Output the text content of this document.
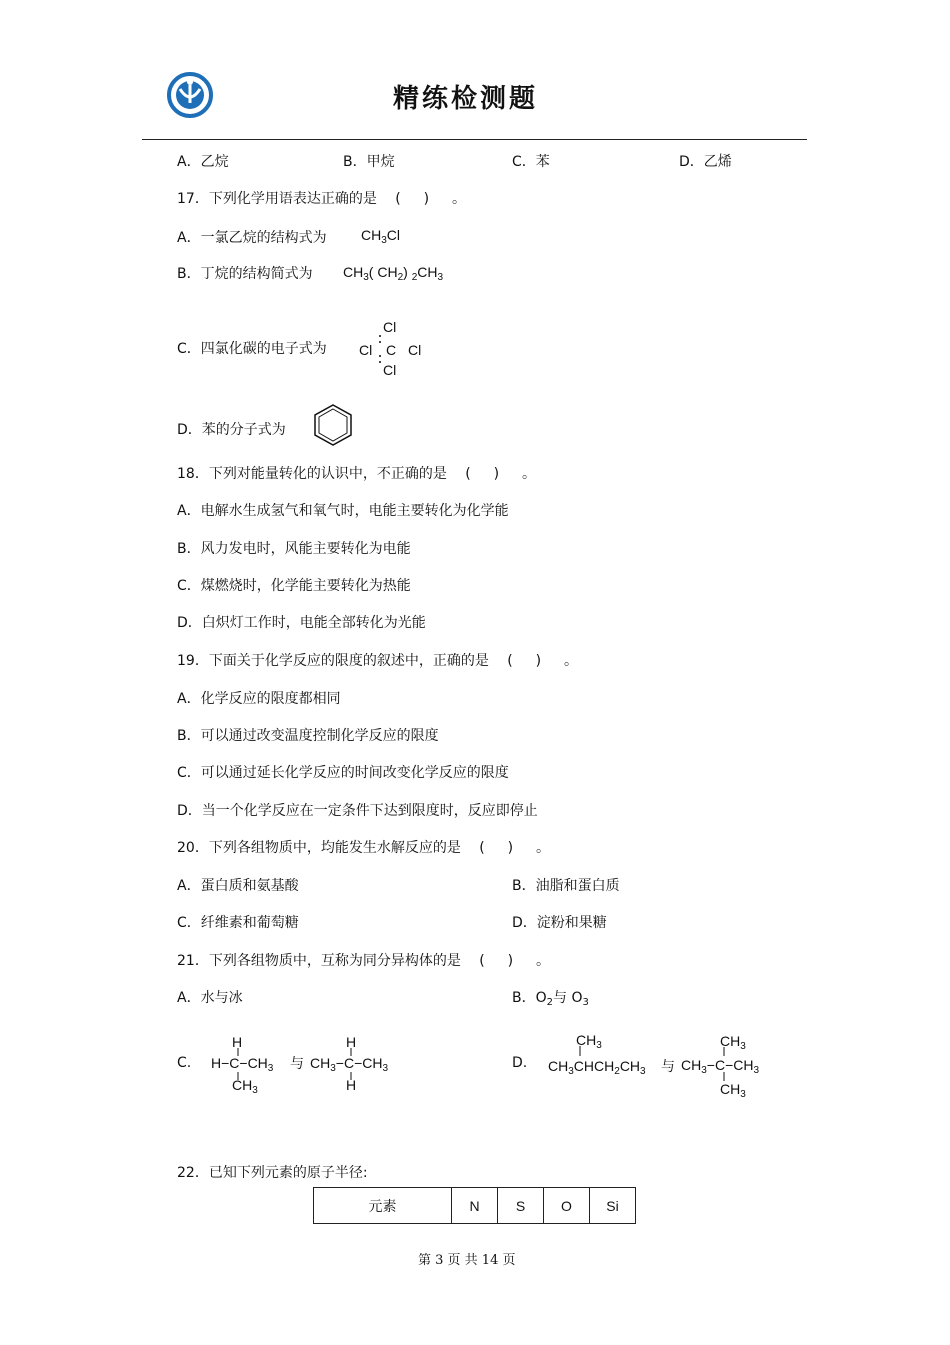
精练检测题
A．乙烷	B．甲烷	C．苯	D．乙烯
17．下列化学用语表达正确的是　 ( 　 ) 　 。
A．一氯乙烷的结构式为 $CH_3Cl$
B．丁烷的结构简式为 $CH_3$( $CH_2$) $_2CH_3$
C．四氯化碳的电子式为
Cl
Cl C Cl
Cl
D．苯的分子式为
18．下列对能量转化的认识中，不正确的是　 ( 　 ) 　 。
A．电解水生成氢气和氧气时，电能主要转化为化学能
B．风力发电时，风能主要转化为电能
C．煤燃烧时，化学能主要转化为热能
D．白炽灯工作时，电能全部转化为光能
19．下面关于化学反应的限度的叙述中，正确的是　 ( 　 ) 　 。
A．化学反应的限度都相同
B．可以通过改变温度控制化学反应的限度
C．可以通过延长化学反应的时间改变化学反应的限度
D．当一个化学反应在一定条件下达到限度时，反应即停止
20．下列各组物质中，均能发生水解反应的是　 ( 　 ) 　 。
A．蛋白质和氨基酸	B．油脂和蛋白质
C．纤维素和葡萄糖	D．淀粉和果糖
21．下列各组物质中，互称为同分异构体的是　 ( 　 ) 　 。
A．水与冰	B．$O_2$与 $O_3$
C.
H
$H-C-CH_3$
$CH_3$
与
H
$CH_3-C-CH_3$
H
D.
$CH_3$
$CH_3CHCH_2CH_3$ 与
$CH_3$
$CH_3-C-CH_3$
$CH_3$
22．已知下列元素的原子半径:
元素	N	S	O	Si
第 3 页 共 14 页
